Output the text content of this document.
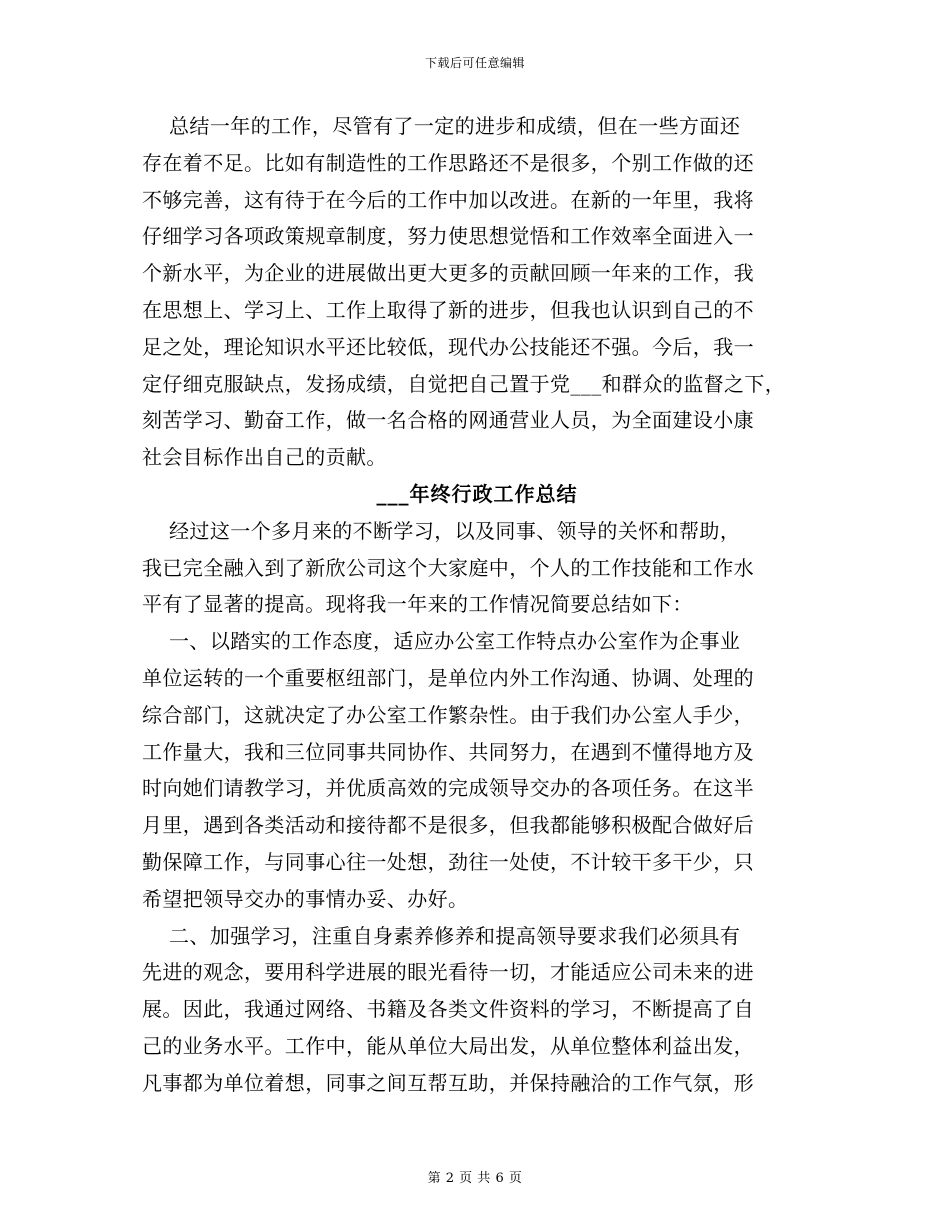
下载后可任意编辑
总结一年的工作，尽管有了一定的进步和成绩，但在一些方面还
存在着不足。比如有制造性的工作思路还不是很多，个别工作做的还
不够完善，这有待于在今后的工作中加以改进。在新的一年里，我将
仔细学习各项政策规章制度，努力使思想觉悟和工作效率全面进入一
个新水平，为企业的进展做出更大更多的贡献回顾一年来的工作，我
在思想上、学习上、工作上取得了新的进步，但我也认识到自己的不
足之处，理论知识水平还比较低，现代办公技能还不强。今后，我一
定仔细克服缺点，发扬成绩，自觉把自己置于党___和群众的监督之下，
刻苦学习、勤奋工作，做一名合格的网通营业人员，为全面建设小康
社会目标作出自己的贡献。
___年终行政工作总结
经过这一个多月来的不断学习，以及同事、领导的关怀和帮助，
我已完全融入到了新欣公司这个大家庭中，个人的工作技能和工作水
平有了显著的提高。现将我一年来的工作情况简要总结如下：
一、以踏实的工作态度，适应办公室工作特点办公室作为企事业
单位运转的一个重要枢纽部门，是单位内外工作沟通、协调、处理的
综合部门，这就决定了办公室工作繁杂性。由于我们办公室人手少，
工作量大，我和三位同事共同协作、共同努力，在遇到不懂得地方及
时向她们请教学习，并优质高效的完成领导交办的各项任务。在这半
月里，遇到各类活动和接待都不是很多，但我都能够积极配合做好后
勤保障工作，与同事心往一处想，劲往一处使，不计较干多干少，只
希望把领导交办的事情办妥、办好。
二、加强学习，注重自身素养修养和提高领导要求我们必须具有
先进的观念，要用科学进展的眼光看待一切，才能适应公司未来的进
展。因此，我通过网络、书籍及各类文件资料的学习，不断提高了自
己的业务水平。工作中，能从单位大局出发，从单位整体利益出发，
凡事都为单位着想，同事之间互帮互助，并保持融洽的工作气氛，形
第 2 页 共 6 页
